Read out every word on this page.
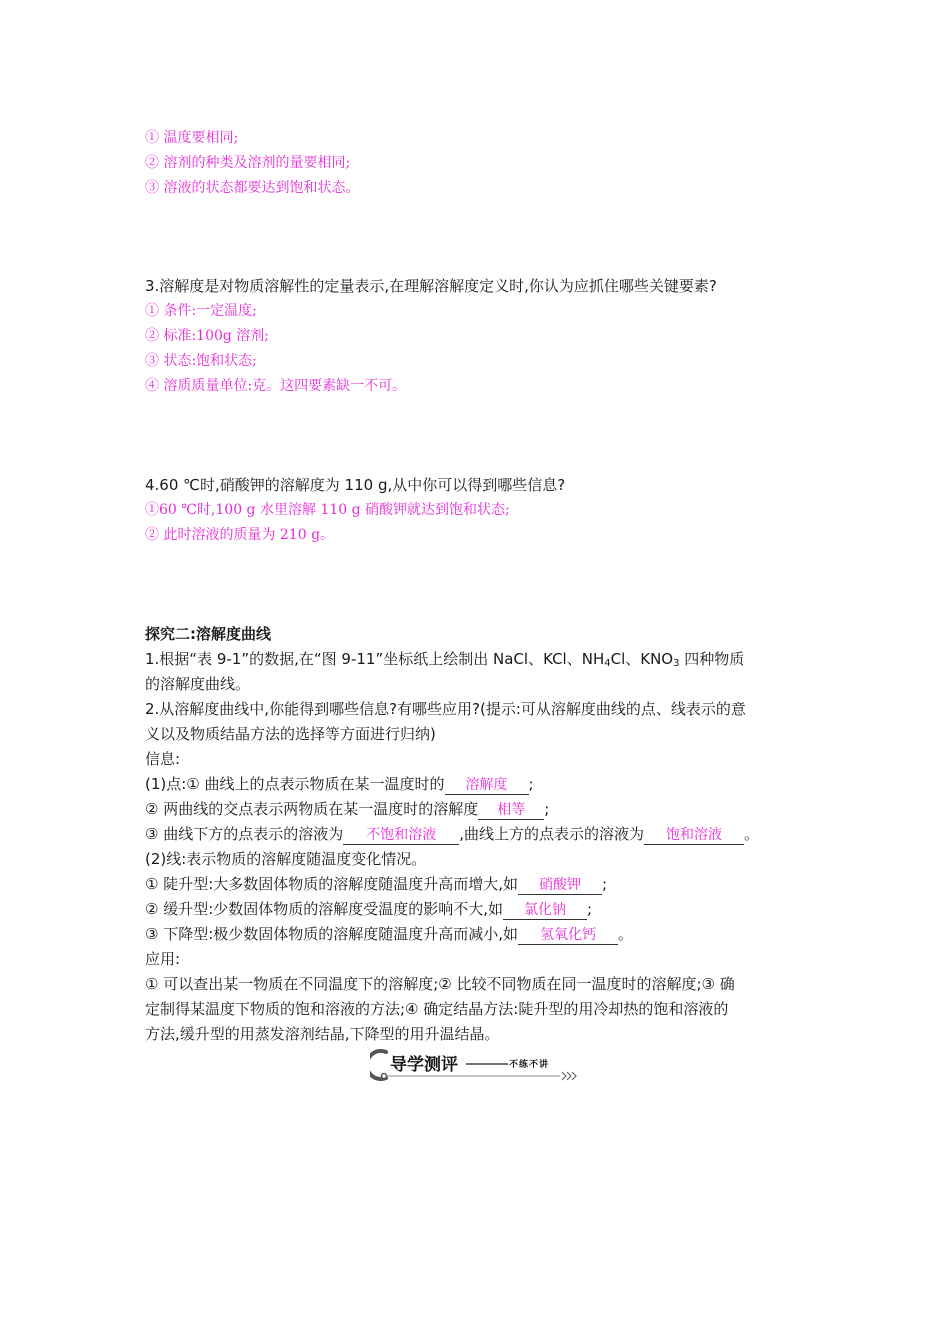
① 温度要相同;
② 溶剂的种类及溶剂的量要相同;
③ 溶液的状态都要达到饱和状态。
3.溶解度是对物质溶解性的定量表示,在理解溶解度定义时,你认为应抓住哪些关键要素?
① 条件:一定温度;
② 标准:100g 溶剂;
③ 状态:饱和状态;
④ 溶质质量单位:克。这四要素缺一不可。
4.60 ℃时,硝酸钾的溶解度为 110 g,从中你可以得到哪些信息?
①60 ℃时,100 g 水里溶解 110 g 硝酸钾就达到饱和状态;
② 此时溶液的质量为 210 g。
探究二:溶解度曲线
1.根据“表 9-1”的数据,在“图 9-11”坐标纸上绘制出 NaCl、KCl、$NH_4Cl$、$KNO_3$ 四种物质
的溶解度曲线。
2.从溶解度曲线中,你能得到哪些信息?有哪些应用?(提示:可从溶解度曲线的点、线表示的意
义以及物质结晶方法的选择等方面进行归纳)
信息:
(1)点:① 曲线上的点表示物质在某一温度时的 溶解度 ;
② 两曲线的交点表示两物质在某一温度时的溶解度 相等 ;
③ 曲线下方的点表示的溶液为 不饱和溶液 ,曲线上方的点表示的溶液为 饱和溶液 。
(2)线:表示物质的溶解度随温度变化情况。
① 陡升型:大多数固体物质的溶解度随温度升高而增大,如 硝酸钾 ;
② 缓升型:少数固体物质的溶解度受温度的影响不大,如 氯化钠 ;
③ 下降型:极少数固体物质的溶解度随温度升高而减小,如 氢氧化钙 。
应用:
① 可以查出某一物质在不同温度下的溶解度;② 比较不同物质在同一温度时的溶解度;③ 确
定制得某温度下物质的饱和溶液的方法;④ 确定结晶方法:陡升型的用冷却热的饱和溶液的
方法,缓升型的用蒸发溶剂结晶,下降型的用升温结晶。
导学测评	不练不讲
